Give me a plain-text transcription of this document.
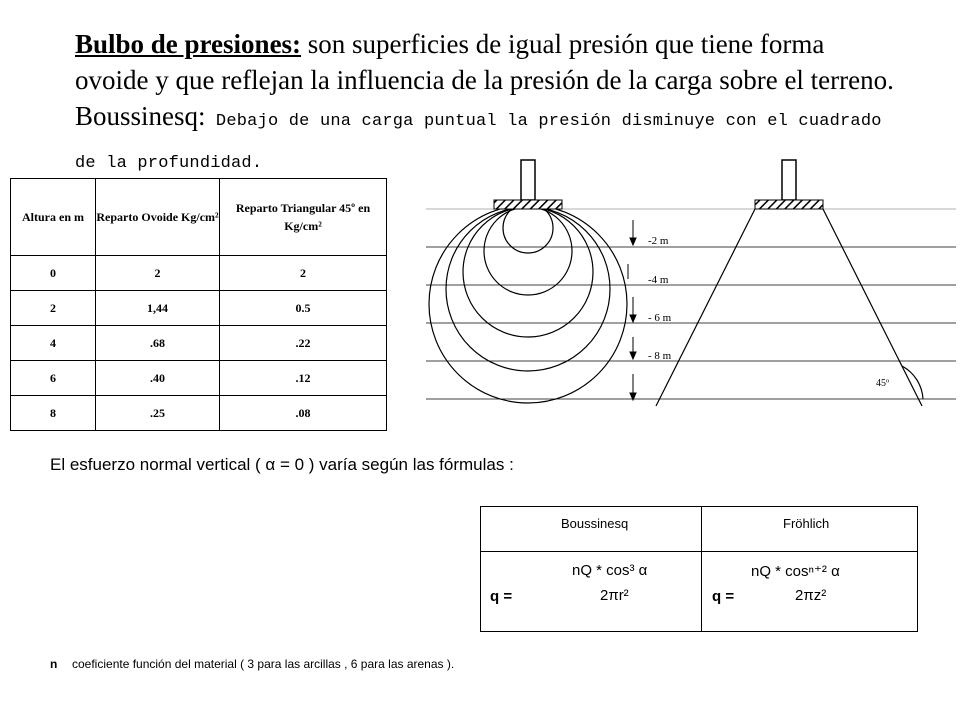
Bulbo de presiones: son superficies de igual presión que tiene forma ovoide y que reflejan la influencia de la presión de la carga sobre el terreno.
Boussinesq: Debajo de una carga puntual la presión disminuye con el cuadrado de la profundidad.
Altura en m	Reparto Ovoide Kg/cm²	Reparto Triangular 45º en Kg/cm²
0	2	2
2	1,44	0.5
4	.68	.22
6	.40	.12
8	.25	.08
-2 m
-4 m
- 6 m
- 8 m
45º
El esfuerzo normal vertical ( α = 0 ) varía según las fórmulas :
Boussinesq	Fröhlich
nQ * cos³ α
q =	2πr²
nQ * cosⁿ⁺² α
q =	2πz²
n coeficiente función del material ( 3 para las arcillas , 6 para las arenas ).
